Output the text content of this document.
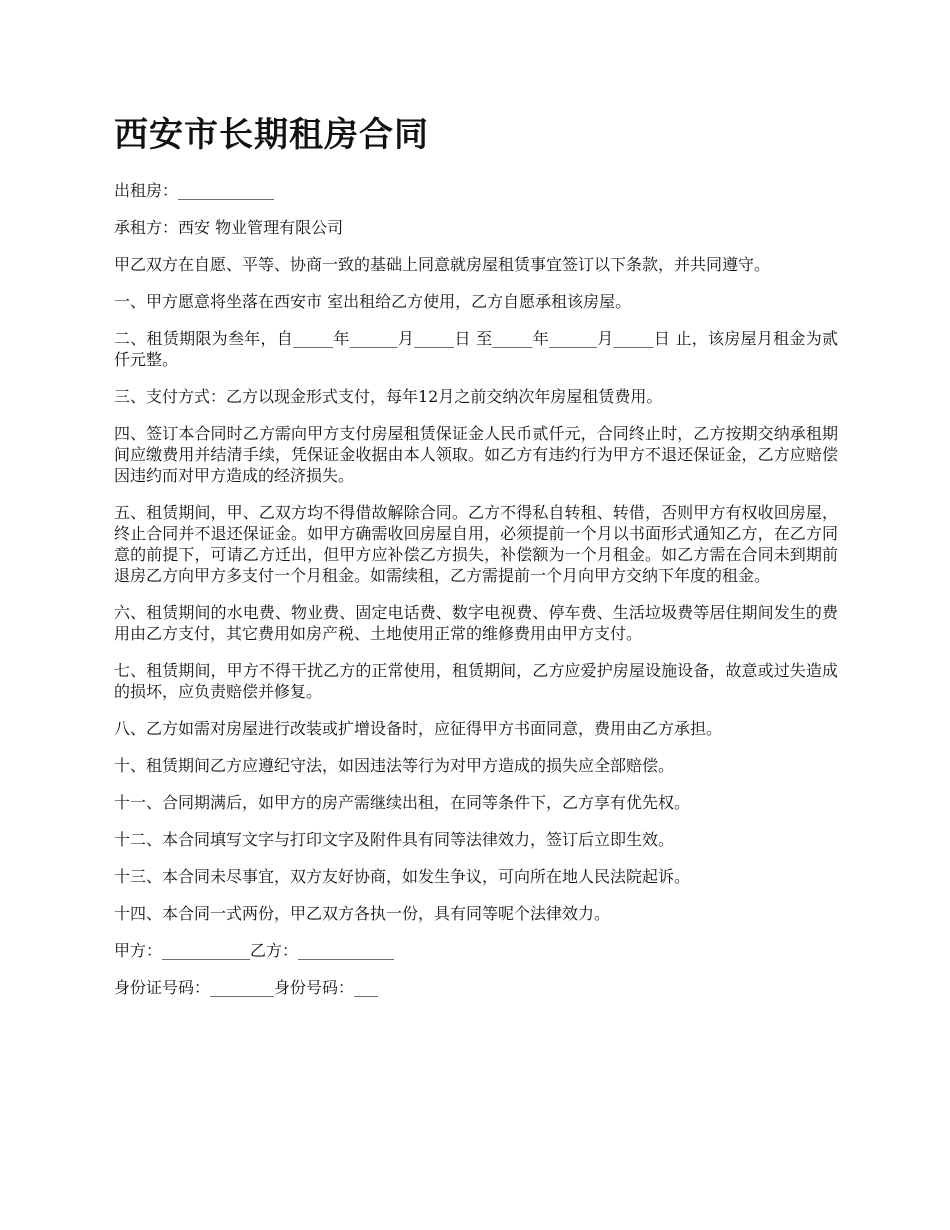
西安市长期租房合同

出租房：____________

承租方：西安 物业管理有限公司

甲乙双方在自愿、平等、协商一致的基础上同意就房屋租赁事宜签订以下条款，并共同遵守。

一、甲方愿意将坐落在西安市 室出租给乙方使用，乙方自愿承租该房屋。

二、租赁期限为叁年，自_____年______月_____日 至_____年______月_____日 止，该房屋月租金为贰仟元整。

三、支付方式：乙方以现金形式支付，每年12月之前交纳次年房屋租赁费用。

四、签订本合同时乙方需向甲方支付房屋租赁保证金人民币贰仟元，合同终止时，乙方按期交纳承租期间应缴费用并结清手续，凭保证金收据由本人领取。如乙方有违约行为甲方不退还保证金，乙方应赔偿因违约而对甲方造成的经济损失。

五、租赁期间，甲、乙双方均不得借故解除合同。乙方不得私自转租、转借，否则甲方有权收回房屋，终止合同并不退还保证金。如甲方确需收回房屋自用，必须提前一个月以书面形式通知乙方，在乙方同意的前提下，可请乙方迁出，但甲方应补偿乙方损失，补偿额为一个月租金。如乙方需在合同未到期前退房乙方向甲方多支付一个月租金。如需续租，乙方需提前一个月向甲方交纳下年度的租金。

六、租赁期间的水电费、物业费、固定电话费、数字电视费、停车费、生活垃圾费等居住期间发生的费用由乙方支付，其它费用如房产税、土地使用正常的维修费用由甲方支付。

七、租赁期间，甲方不得干扰乙方的正常使用，租赁期间，乙方应爱护房屋设施设备，故意或过失造成的损坏，应负责赔偿并修复。

八、乙方如需对房屋进行改装或扩增设备时，应征得甲方书面同意，费用由乙方承担。

十、租赁期间乙方应遵纪守法，如因违法等行为对甲方造成的损失应全部赔偿。

十一、合同期满后，如甲方的房产需继续出租，在同等条件下，乙方享有优先权。

十二、本合同填写文字与打印文字及附件具有同等法律效力，签订后立即生效。

十三、本合同未尽事宜，双方友好协商，如发生争议，可向所在地人民法院起诉。

十四、本合同一式两份，甲乙双方各执一份，具有同等呢个法律效力。

甲方：___________乙方：____________

身份证号码：________身份号码：___
